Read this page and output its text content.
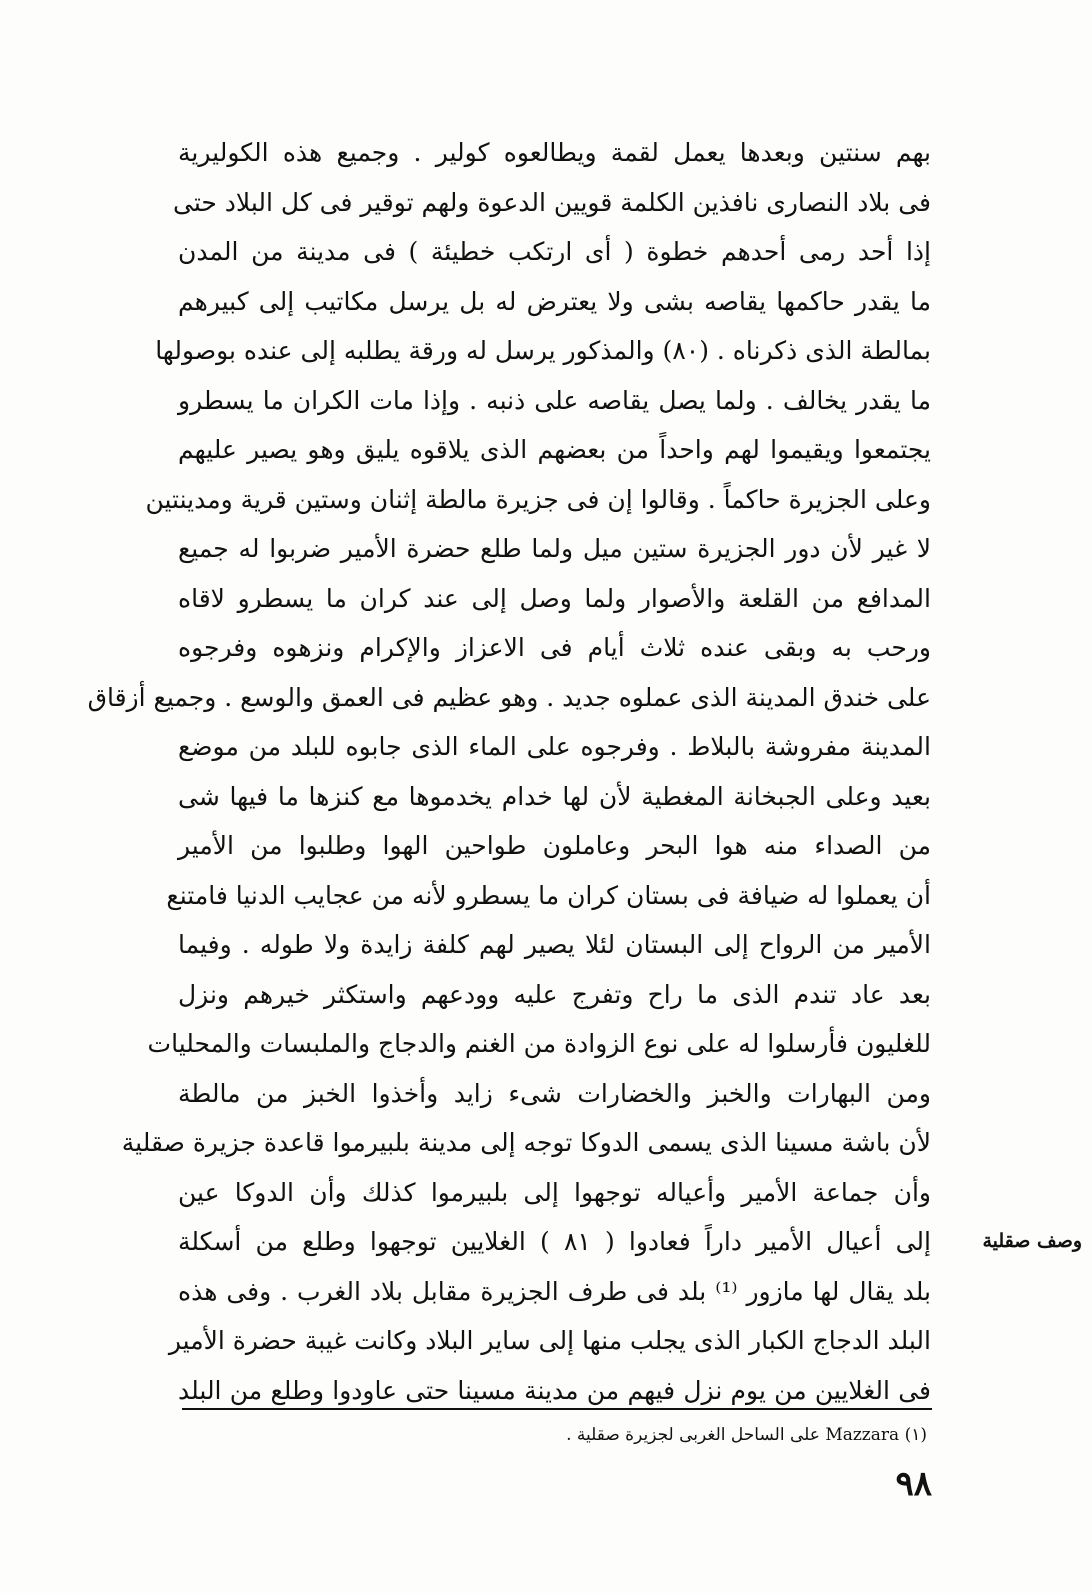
بهم سنتين وبعدها يعمل لقمة ويطالعوه كولير . وجميع هذه الكوليرية
فى بلاد النصارى نافذين الكلمة قويين الدعوة ولهم توقير فى كل البلاد حتى
إذا أحد رمى أحدهم خطوة ( أى ارتكب خطيئة ) فى مدينة من المدن
ما يقدر حاكمها يقاصه بشى ولا يعترض له بل يرسل مكاتيب إلى كبيرهم
بمالطة الذى ذكرناه . (٨٠) والمذكور يرسل له ورقة يطلبه إلى عنده بوصولها
ما يقدر يخالف . ولما يصل يقاصه على ذنبه . وإذا مات الكران ما يسطرو
يجتمعوا ويقيموا لهم واحداً من بعضهم الذى يلاقوه يليق وهو يصير عليهم
وعلى الجزيرة حاكماً . وقالوا إن فى جزيرة مالطة إثنان وستين قرية ومدينتين
لا غير لأن دور الجزيرة ستين ميل ولما طلع حضرة الأمير ضربوا له جميع
المدافع من القلعة والأصوار ولما وصل إلى عند كران ما يسطرو لاقاه
ورحب به وبقى عنده ثلاث أيام فى الاعزاز والإكرام ونزهوه وفرجوه
على خندق المدينة الذى عملوه جديد . وهو عظيم فى العمق والوسع . وجميع أزقاق
المدينة مفروشة بالبلاط . وفرجوه على الماء الذى جابوه للبلد من موضع
بعيد وعلى الجبخانة المغطية لأن لها خدام يخدموها مع كنزها ما فيها شى
من الصداء منه هوا البحر وعاملون طواحين الهوا وطلبوا من الأمير
أن يعملوا له ضيافة فى بستان كران ما يسطرو لأنه من عجايب الدنيا فامتنع
الأمير من الرواح إلى البستان لئلا يصير لهم كلفة زايدة ولا طوله . وفيما
بعد عاد تندم الذى ما راح وتفرج عليه وودعهم واستكثر خيرهم ونزل
للغليون فأرسلوا له على نوع الزوادة من الغنم والدجاج والملبسات والمحليات
ومن البهارات والخبز والخضارات شىء زايد وأخذوا الخبز من مالطة
لأن باشة مسينا الذى يسمى الدوكا توجه إلى مدينة بلبيرموا قاعدة جزيرة صقلية
وأن جماعة الأمير وأعياله توجهوا إلى بلبيرموا كذلك وأن الدوكا عين
إلى أعيال الأمير داراً فعادوا ( ٨١ ) الغلايين توجهوا وطلع من أسكلة
بلد يقال لها مازور ⁽¹⁾ بلد فى طرف الجزيرة مقابل بلاد الغرب . وفى هذه
البلد الدجاج الكبار الذى يجلب منها إلى ساير البلاد وكانت غيبة حضرة الأمير
فى الغلايين من يوم نزل فيهم من مدينة مسينا حتى عاودوا وطلع من البلد
وصف صقلية
(١) Mazzara على الساحل الغربى لجزيرة صقلية .
٩٨
